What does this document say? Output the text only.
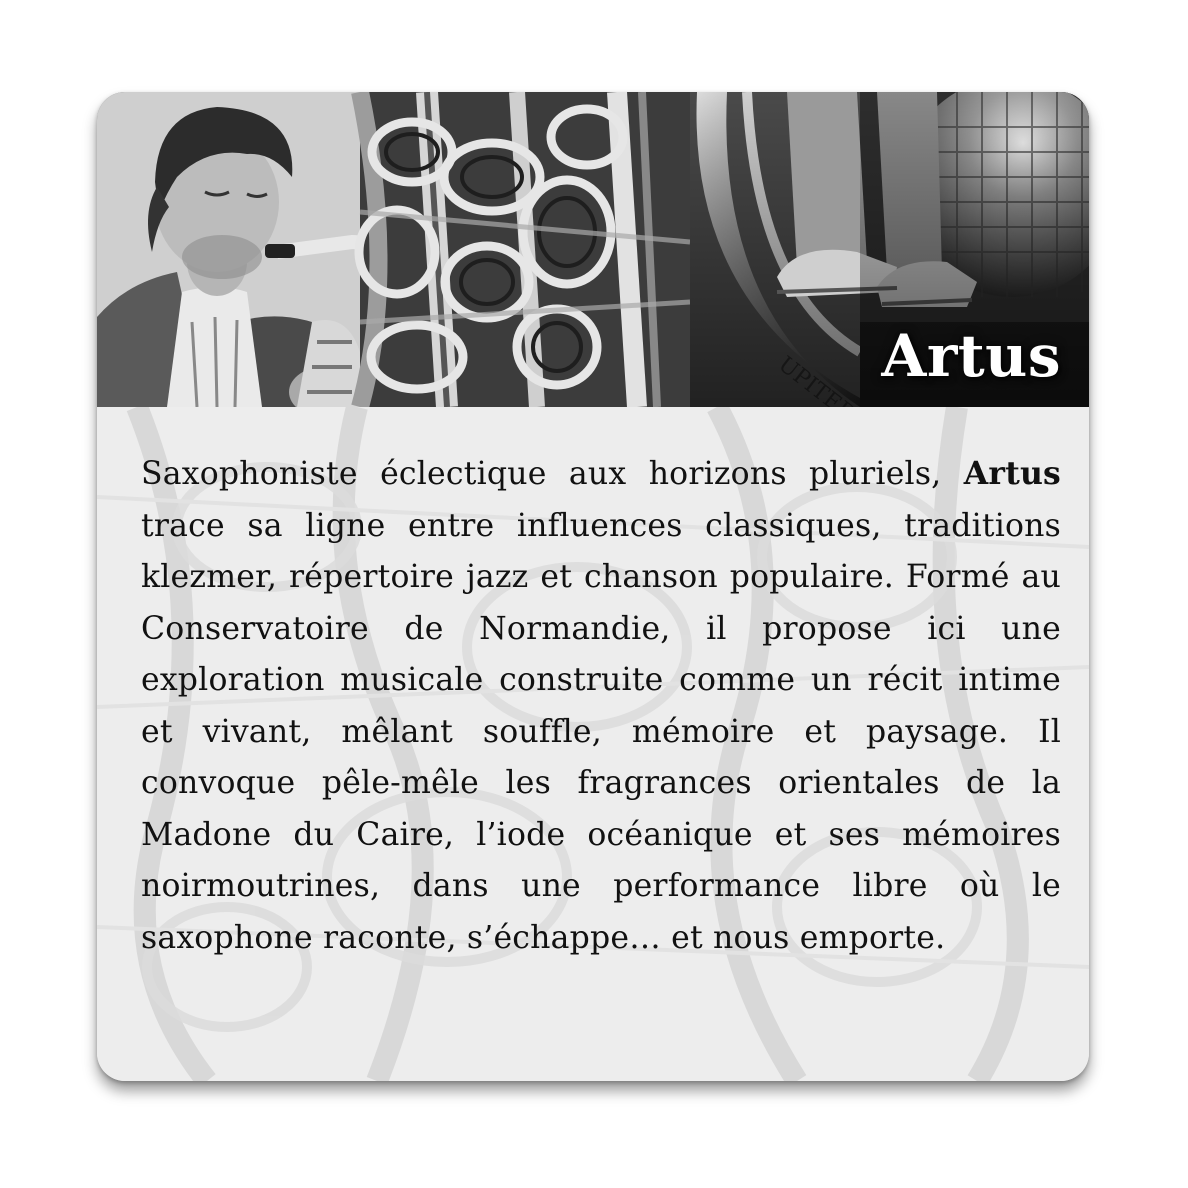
Artus

Saxophoniste éclectique aux horizons pluriels, Artus trace sa ligne entre influences classiques, traditions klezmer, répertoire jazz et chanson populaire. Formé au Conservatoire de Normandie, il propose ici une exploration musicale construite comme un récit intime et vivant, mêlant souffle, mémoire et paysage. Il convoque pêle-mêle les fragrances orientales de la Madone du Caire, l’iode océanique et ses mémoires noirmoutrines, dans une performance libre où le saxophone raconte, s’échappe… et nous emporte.
